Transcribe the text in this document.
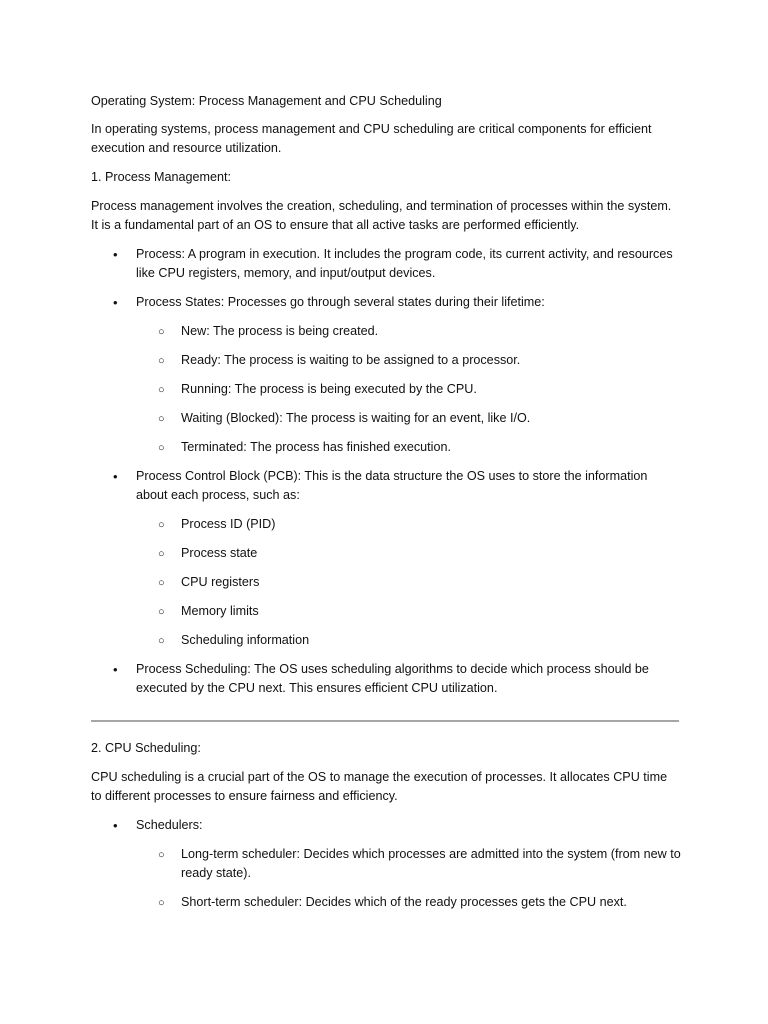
Operating System: Process Management and CPU Scheduling

In operating systems, process management and CPU scheduling are critical components for efficient execution and resource utilization.

1. Process Management:

Process management involves the creation, scheduling, and termination of processes within the system. It is a fundamental part of an OS to ensure that all active tasks are performed efficiently.

• Process: A program in execution. It includes the program code, its current activity, and resources like CPU registers, memory, and input/output devices.
• Process States: Processes go through several states during their lifetime:
○ New: The process is being created.
○ Ready: The process is waiting to be assigned to a processor.
○ Running: The process is being executed by the CPU.
○ Waiting (Blocked): The process is waiting for an event, like I/O.
○ Terminated: The process has finished execution.
• Process Control Block (PCB): This is the data structure the OS uses to store the information about each process, such as:
○ Process ID (PID)
○ Process state
○ CPU registers
○ Memory limits
○ Scheduling information
• Process Scheduling: The OS uses scheduling algorithms to decide which process should be executed by the CPU next. This ensures efficient CPU utilization.

2. CPU Scheduling:

CPU scheduling is a crucial part of the OS to manage the execution of processes. It allocates CPU time to different processes to ensure fairness and efficiency.

• Schedulers:
○ Long-term scheduler: Decides which processes are admitted into the system (from new to ready state).
○ Short-term scheduler: Decides which of the ready processes gets the CPU next.
